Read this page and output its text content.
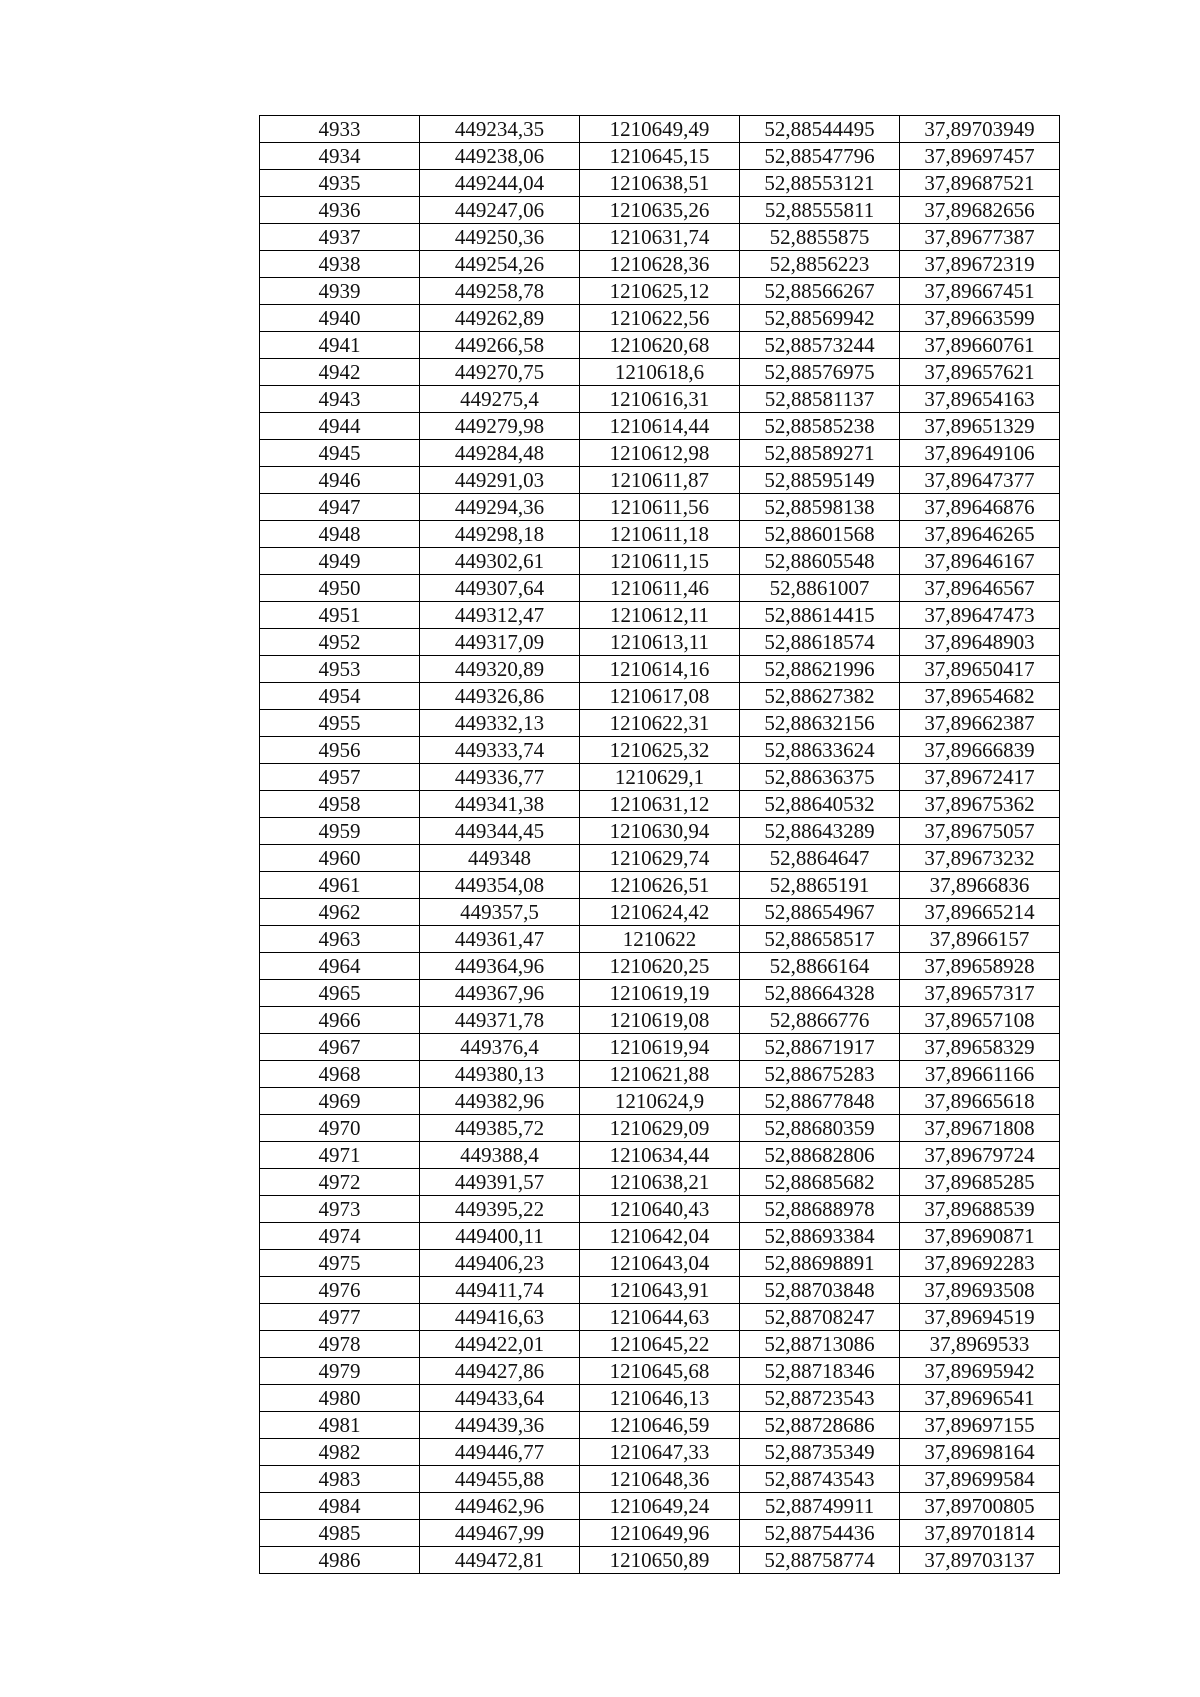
4933	449234,35	1210649,49	52,88544495	37,89703949
4934	449238,06	1210645,15	52,88547796	37,89697457
4935	449244,04	1210638,51	52,88553121	37,89687521
4936	449247,06	1210635,26	52,88555811	37,89682656
4937	449250,36	1210631,74	52,8855875	37,89677387
4938	449254,26	1210628,36	52,8856223	37,89672319
4939	449258,78	1210625,12	52,88566267	37,89667451
4940	449262,89	1210622,56	52,88569942	37,89663599
4941	449266,58	1210620,68	52,88573244	37,89660761
4942	449270,75	1210618,6	52,88576975	37,89657621
4943	449275,4	1210616,31	52,88581137	37,89654163
4944	449279,98	1210614,44	52,88585238	37,89651329
4945	449284,48	1210612,98	52,88589271	37,89649106
4946	449291,03	1210611,87	52,88595149	37,89647377
4947	449294,36	1210611,56	52,88598138	37,89646876
4948	449298,18	1210611,18	52,88601568	37,89646265
4949	449302,61	1210611,15	52,88605548	37,89646167
4950	449307,64	1210611,46	52,8861007	37,89646567
4951	449312,47	1210612,11	52,88614415	37,89647473
4952	449317,09	1210613,11	52,88618574	37,89648903
4953	449320,89	1210614,16	52,88621996	37,89650417
4954	449326,86	1210617,08	52,88627382	37,89654682
4955	449332,13	1210622,31	52,88632156	37,89662387
4956	449333,74	1210625,32	52,88633624	37,89666839
4957	449336,77	1210629,1	52,88636375	37,89672417
4958	449341,38	1210631,12	52,88640532	37,89675362
4959	449344,45	1210630,94	52,88643289	37,89675057
4960	449348	1210629,74	52,8864647	37,89673232
4961	449354,08	1210626,51	52,8865191	37,8966836
4962	449357,5	1210624,42	52,88654967	37,89665214
4963	449361,47	1210622	52,88658517	37,8966157
4964	449364,96	1210620,25	52,8866164	37,89658928
4965	449367,96	1210619,19	52,88664328	37,89657317
4966	449371,78	1210619,08	52,8866776	37,89657108
4967	449376,4	1210619,94	52,88671917	37,89658329
4968	449380,13	1210621,88	52,88675283	37,89661166
4969	449382,96	1210624,9	52,88677848	37,89665618
4970	449385,72	1210629,09	52,88680359	37,89671808
4971	449388,4	1210634,44	52,88682806	37,89679724
4972	449391,57	1210638,21	52,88685682	37,89685285
4973	449395,22	1210640,43	52,88688978	37,89688539
4974	449400,11	1210642,04	52,88693384	37,89690871
4975	449406,23	1210643,04	52,88698891	37,89692283
4976	449411,74	1210643,91	52,88703848	37,89693508
4977	449416,63	1210644,63	52,88708247	37,89694519
4978	449422,01	1210645,22	52,88713086	37,8969533
4979	449427,86	1210645,68	52,88718346	37,89695942
4980	449433,64	1210646,13	52,88723543	37,89696541
4981	449439,36	1210646,59	52,88728686	37,89697155
4982	449446,77	1210647,33	52,88735349	37,89698164
4983	449455,88	1210648,36	52,88743543	37,89699584
4984	449462,96	1210649,24	52,88749911	37,89700805
4985	449467,99	1210649,96	52,88754436	37,89701814
4986	449472,81	1210650,89	52,88758774	37,89703137
